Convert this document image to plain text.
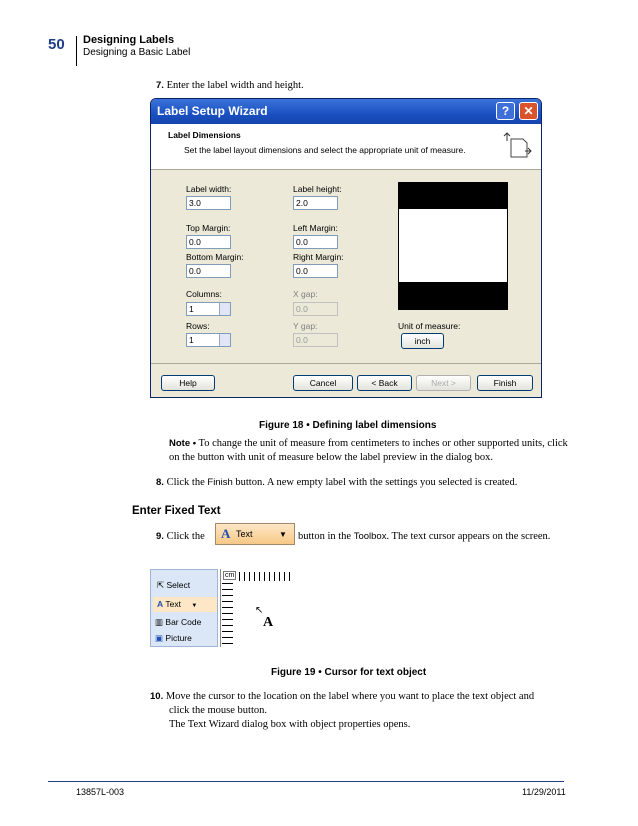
50 Designing Labels
Designing a Basic Label
7. Enter the label width and height.
Label Setup Wizard	?	✕
Label Dimensions
Set the label layout dimensions and select the appropriate unit of measure.
Label width:
3.0
Label height:
2.0
Top Margin:
0.0
Left Margin:
0.0
Bottom Margin:
0.0
Right Margin:
0.0
Columns:
1
X gap:
0.0
Rows:
1
Y gap:
0.0
Unit of measure:
inch
Help	Cancel	< Back	Next >	Finish
Figure 18 • Defining label dimensions
Note • To change the unit of measure from centimeters to inches or other supported units, click on the button with unit of measure below the label preview in the dialog box.
8. Click the Finish button. A new empty label with the settings you selected is created.
Enter Fixed Text
9. Click the A Text	▼ button in the Toolbox. The text cursor appears on the screen.
⇱ Select
A Text ▼
▥ Bar Code
▣ Picture
cm
↖
A
Figure 19 • Cursor for text object
10. Move the cursor to the location on the label where you want to place the text object and
click the mouse button.
The Text Wizard dialog box with object properties opens.
13857L-003	11/29/2011
